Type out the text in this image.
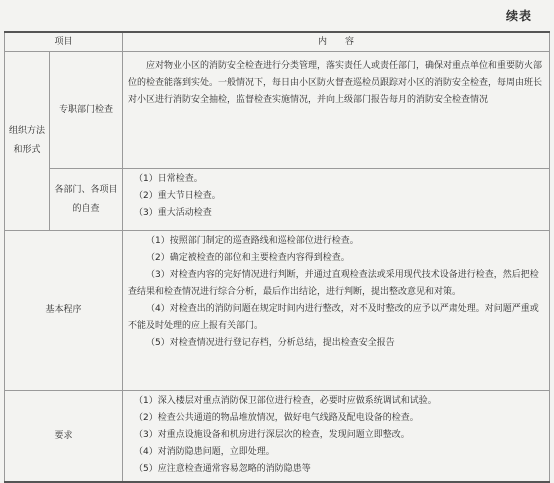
续表
项目		内　　容
组织方法和形式	专职部门检查	应对物业小区的消防安全检查进行分类管理，落实责任人或责任部门，确保对重点单位和重要防火部位的检查能落到实处。一般情况下，每日由小区防火督查巡检员跟踪对小区的消防安全检查，每周由班长对小区进行消防安全抽检，监督检查实施情况，并向上级部门报告每月的消防安全检查情况

	各部门、各项目的自查	（1）日常检查。
（2）重大节日检查。
（3）重大活动检查

基本程序		（1）按照部门制定的巡查路线和巡检部位进行检查。
（2）确定被检查的部位和主要检查内容得到检查。
（3）对检查内容的完好情况进行判断，并通过直观检查法或采用现代技术设备进行检查，然后把检查结果和检查情况进行综合分析，最后作出结论，进行判断，提出整改意见和对策。
（4）对检查出的消防问题在规定时间内进行整改，对不及时整改的应予以严肃处理。对问题严重或不能及时处理的应上报有关部门。
（5）对检查情况进行登记存档，分析总结，提出检查安全报告

要求		（1）深入楼层对重点消防保卫部位进行检查，必要时应做系统调试和试验。
（2）检查公共通道的物品堆放情况，做好电气线路及配电设备的检查。
（3）对重点设施设备和机房进行深层次的检查，发现问题立即整改。
（4）对消防隐患问题，立即处理。
（5）应注意检查通常容易忽略的消防隐患等
